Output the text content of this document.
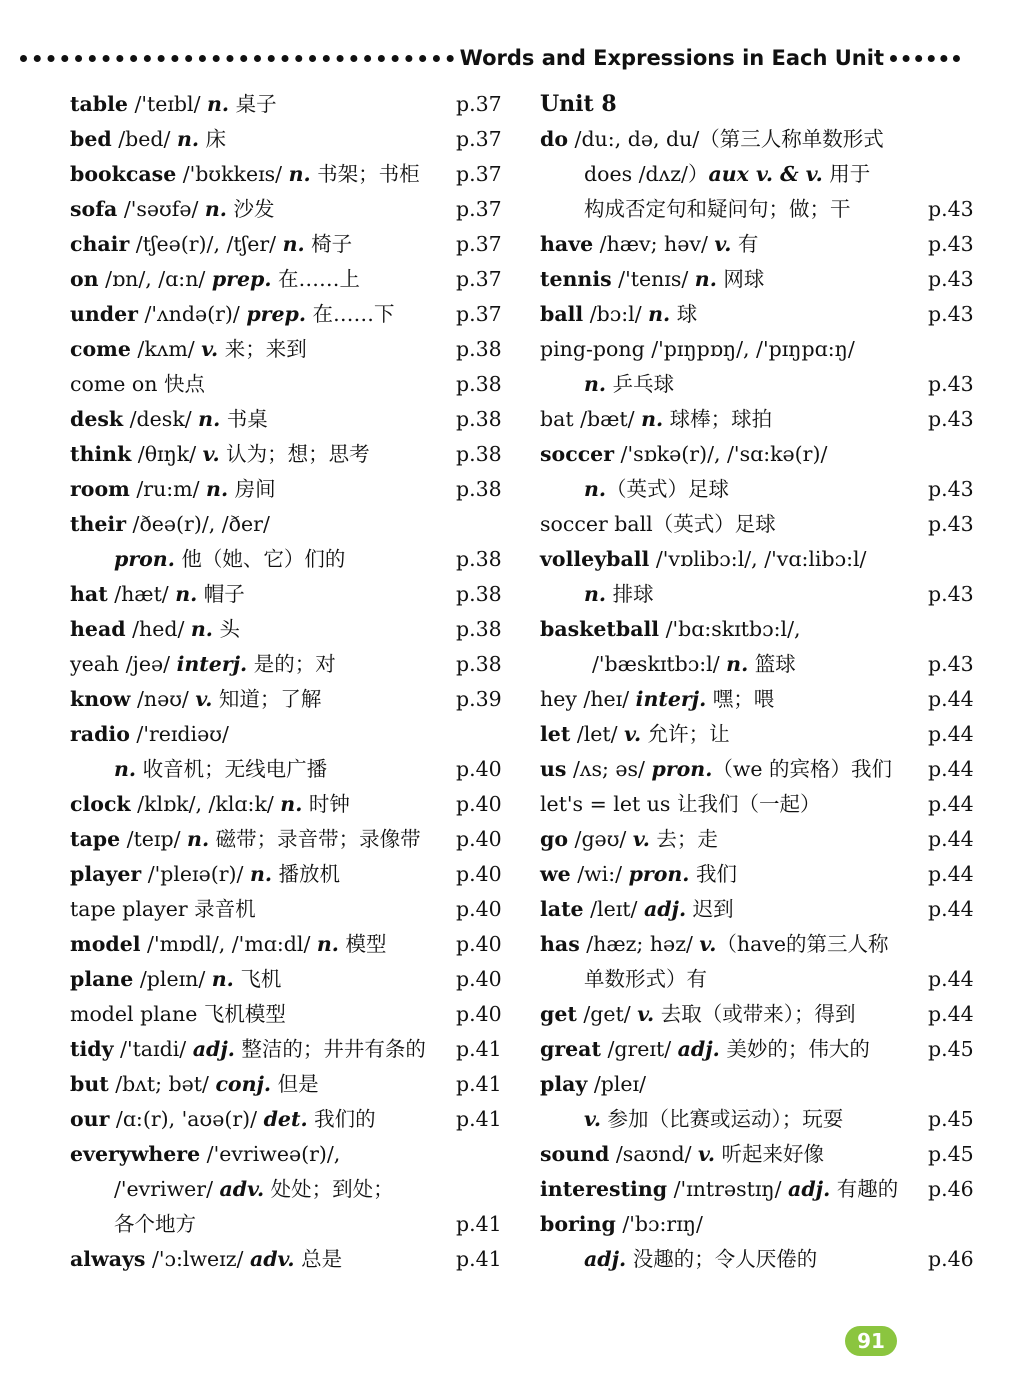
Words and Expressions in Each Unit
table /'teɪbl/ n. 桌子	p.37
bed /bed/ n. 床	p.37
bookcase /'bʊkkeɪs/ n. 书架；书柜 p.37
sofa /'səʊfə/ n. 沙发	p.37
chair /tʃeə(r)/, /tʃer/ n. 椅子	p.37
on /ɒn/, /ɑ:n/ prep. 在……上	p.37
under /'ʌndə(r)/ prep. 在……下	p.37
come /kʌm/ v. 来；来到	p.38
come on 快点	p.38
desk /desk/ n. 书桌	p.38
think /θɪŋk/ v. 认为；想；思考	p.38
room /ru:m/ n. 房间	p.38
their /ðeə(r)/, /ðer/
pron. 他（她、它）们的	p.38
hat /hæt/ n. 帽子	p.38
head /hed/ n. 头	p.38
yeah /jeə/ interj. 是的；对	p.38
know /nəʊ/ v. 知道；了解	p.39
radio /'reɪdiəʊ/
n. 收音机；无线电广播	p.40
clock /klɒk/, /klɑ:k/ n. 时钟	p.40
tape /teɪp/ n. 磁带；录音带；录像带 p.40
player /'pleɪə(r)/ n. 播放机	p.40
tape player 录音机	p.40
model /'mɒdl/, /'mɑ:dl/ n. 模型	p.40
plane /pleɪn/ n. 飞机	p.40
model plane 飞机模型	p.40
tidy /'taɪdi/ adj. 整洁的；井井有条的 p.41
but /bʌt; bət/ conj. 但是	p.41
our /ɑ:(r), 'aʊə(r)/ det. 我们的	p.41
everywhere /'evriweə(r)/,
/'evriwer/ adv. 处处；到处；
各个地方	p.41
always /'ɔ:lweɪz/ adv. 总是	p.41
Unit 8
do /du:, də, du/（第三人称单数形式
does /dʌz/）aux v. & v. 用于
构成否定句和疑问句；做；干	p.43
have /hæv; həv/ v. 有	p.43
tennis /'tenɪs/ n. 网球	p.43
ball /bɔ:l/ n. 球	p.43
ping-pong /'pɪŋpɒŋ/, /'pɪŋpɑ:ŋ/
n. 乒乓球	p.43
bat /bæt/ n. 球棒；球拍	p.43
soccer /'sɒkə(r)/, /'sɑ:kə(r)/
n.（英式）足球	p.43
soccer ball（英式）足球	p.43
volleyball /'vɒlibɔ:l/, /'vɑ:libɔ:l/
n. 排球	p.43
basketball /'bɑ:skɪtbɔ:l/,
/'bæskɪtbɔ:l/ n. 篮球	p.43
hey /heɪ/ interj. 嘿；喂	p.44
let /let/ v. 允许；让	p.44
us /ʌs; əs/ pron.（we 的宾格）我们 p.44
let's = let us 让我们（一起）	p.44
go /gəʊ/ v. 去；走	p.44
we /wi:/ pron. 我们	p.44
late /leɪt/ adj. 迟到	p.44
has /hæz; həz/ v.（have的第三人称
单数形式）有	p.44
get /get/ v. 去取（或带来）；得到	p.44
great /greɪt/ adj. 美妙的；伟大的	p.45
play /pleɪ/
v. 参加（比赛或运动）；玩耍	p.45
sound /saʊnd/ v. 听起来好像	p.45
interesting /'ɪntrəstɪŋ/ adj. 有趣的 p.46
boring /'bɔ:rɪŋ/
adj. 没趣的；令人厌倦的	p.46
91
